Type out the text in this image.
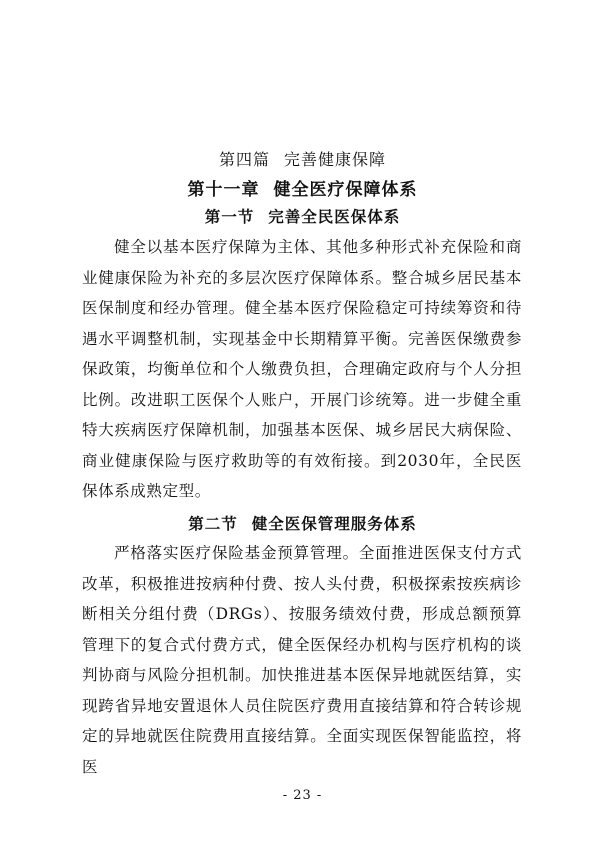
第四篇 完善健康保障
第十一章 健全医疗保障体系
第一节 完善全民医保体系

健全以基本医疗保障为主体、其他多种形式补充保险和商业健康保险为补充的多层次医疗保障体系。整合城乡居民基本医保制度和经办管理。健全基本医疗保险稳定可持续筹资和待遇水平调整机制，实现基金中长期精算平衡。完善医保缴费参保政策，均衡单位和个人缴费负担，合理确定政府与个人分担比例。改进职工医保个人账户，开展门诊统筹。进一步健全重特大疾病医疗保障机制，加强基本医保、城乡居民大病保险、商业健康保险与医疗救助等的有效衔接。到2030年，全民医保体系成熟定型。

第二节 健全医保管理服务体系

严格落实医疗保险基金预算管理。全面推进医保支付方式改革，积极推进按病种付费、按人头付费，积极探索按疾病诊断相关分组付费（DRGs）、按服务绩效付费，形成总额预算管理下的复合式付费方式，健全医保经办机构与医疗机构的谈判协商与风险分担机制。加快推进基本医保异地就医结算，实现跨省异地安置退休人员住院医疗费用直接结算和符合转诊规定的异地就医住院费用直接结算。全面实现医保智能监控，将医

- 23 -
